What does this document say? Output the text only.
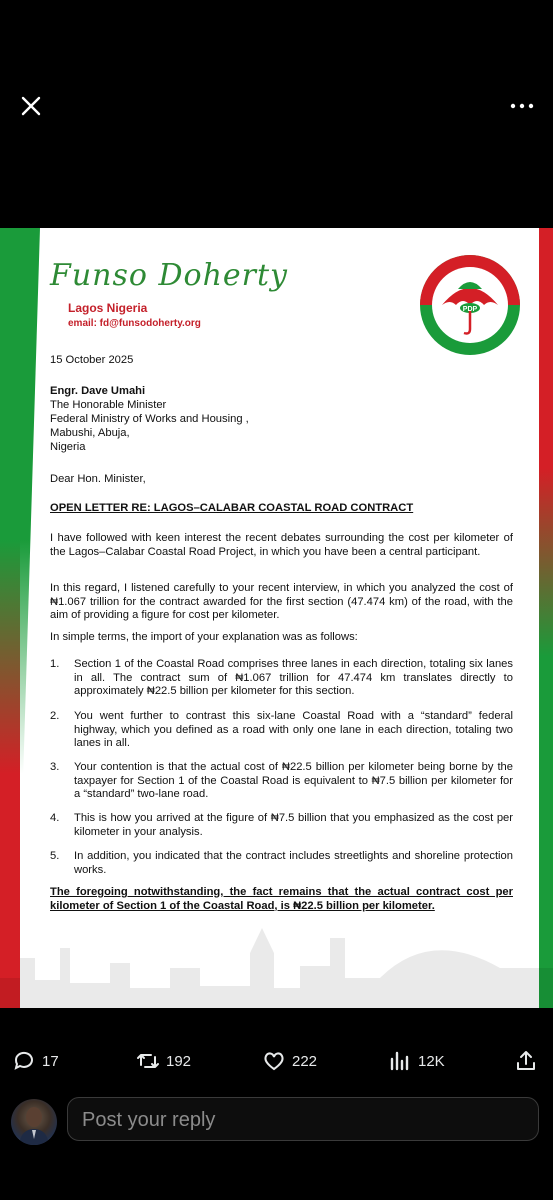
Funso Doherty
Lagos Nigeria
email: fd@funsodoherty.org
PDP
15 October 2025
Engr. Dave Umahi
The Honorable Minister
Federal Ministry of Works and Housing ,
Mabushi, Abuja,
Nigeria
Dear Hon. Minister,
OPEN LETTER RE: LAGOS–CALABAR COASTAL ROAD CONTRACT
I have followed with keen interest the recent debates surrounding the cost per kilometer of the Lagos–Calabar Coastal Road Project, in which you have been a central participant.
In this regard, I listened carefully to your recent interview, in which you analyzed the cost of ₦1.067 trillion for the contract awarded for the first section (47.474 km) of the road, with the aim of providing a figure for cost per kilometer.
In simple terms, the import of your explanation was as follows:
1.	Section 1 of the Coastal Road comprises three lanes in each direction, totaling six lanes in all. The contract sum of ₦1.067 trillion for 47.474 km translates directly to approximately ₦22.5 billion per kilometer for this section.
2.	You went further to contrast this six-lane Coastal Road with a “standard” federal highway, which you defined as a road with only one lane in each direction, totaling two lanes in all.
3.	Your contention is that the actual cost of ₦22.5 billion per kilometer being borne by the taxpayer for Section 1 of the Coastal Road is equivalent to ₦7.5 billion per kilometer for a “standard” two-lane road.
4.	This is how you arrived at the figure of ₦7.5 billion that you emphasized as the cost per kilometer in your analysis.
5.	In addition, you indicated that the contract includes streetlights and shoreline protection works.
The foregoing notwithstanding, the fact remains that the actual contract cost per kilometer of Section 1 of the Coastal Road, is ₦22.5 billion per kilometer.
17	192	222	12K
Post your reply
